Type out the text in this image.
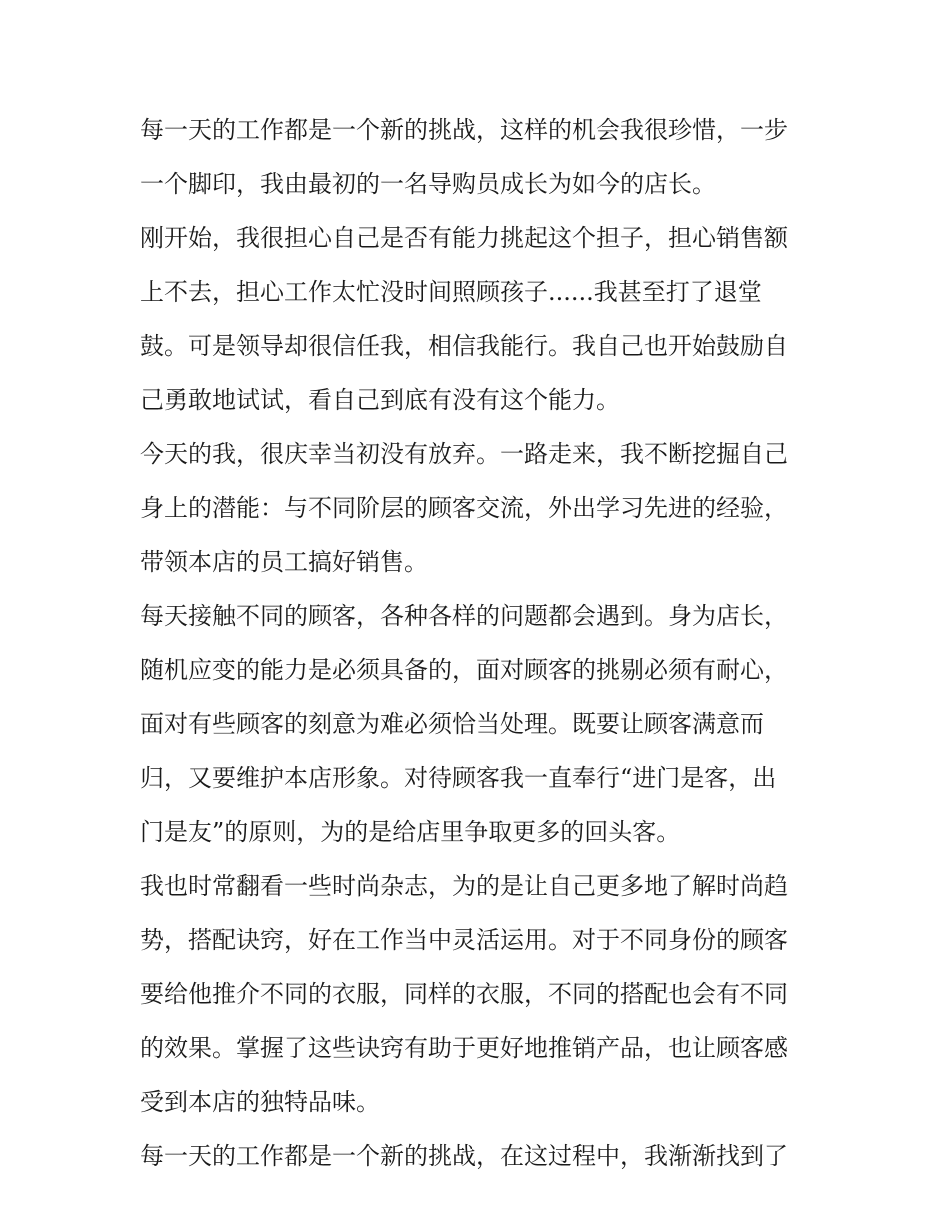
每一天的工作都是一个新的挑战，这样的机会我很珍惜，一步
一个脚印，我由最初的一名导购员成长为如今的店长。
刚开始，我很担心自己是否有能力挑起这个担子，担心销售额
上不去，担心工作太忙没时间照顾孩子......我甚至打了退堂
鼓。可是领导却很信任我，相信我能行。我自己也开始鼓励自
己勇敢地试试，看自己到底有没有这个能力。
今天的我，很庆幸当初没有放弃。一路走来，我不断挖掘自己
身上的潜能：与不同阶层的顾客交流，外出学习先进的经验，
带领本店的员工搞好销售。
每天接触不同的顾客，各种各样的问题都会遇到。身为店长，
随机应变的能力是必须具备的，面对顾客的挑剔必须有耐心，
面对有些顾客的刻意为难必须恰当处理。既要让顾客满意而
归，又要维护本店形象。对待顾客我一直奉行“进门是客，出
门是友”的原则，为的是给店里争取更多的回头客。
我也时常翻看一些时尚杂志，为的是让自己更多地了解时尚趋
势，搭配诀窍，好在工作当中灵活运用。对于不同身份的顾客
要给他推介不同的衣服，同样的衣服，不同的搭配也会有不同
的效果。掌握了这些诀窍有助于更好地推销产品，也让顾客感
受到本店的独特品味。
每一天的工作都是一个新的挑战，在这过程中，我渐渐找到了
